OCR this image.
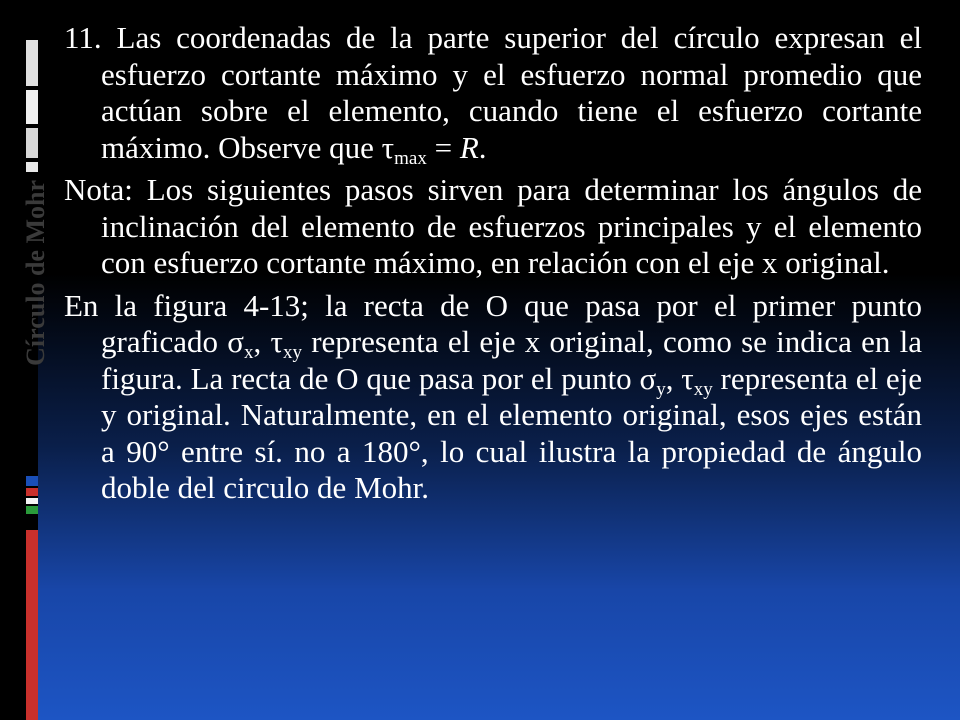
Círculo de Mohr

11. Las coordenadas de la parte superior del círculo expresan el esfuerzo cortante máximo y el esfuerzo normal promedio que actúan sobre el elemento, cuando tiene el esfuerzo cortante máximo. Observe que $\tau_{max} = R$.

Nota: Los siguientes pasos sirven para determinar los ángulos de inclinación del elemento de esfuerzos principales y el elemento con esfuerzo cortante máximo, en relación con el eje x original.

En la figura 4-13; la recta de O que pasa por el primer punto graficado $\sigma_x$, $\tau_{xy}$ representa el eje x original, como se indica en la figura. La recta de O que pasa por el punto $\sigma_y$, $\tau_{xy}$ representa el eje y original. Naturalmente, en el elemento original, esos ejes están a 90° entre sí. no a 180°, lo cual ilustra la propiedad de ángulo doble del circulo de Mohr.
